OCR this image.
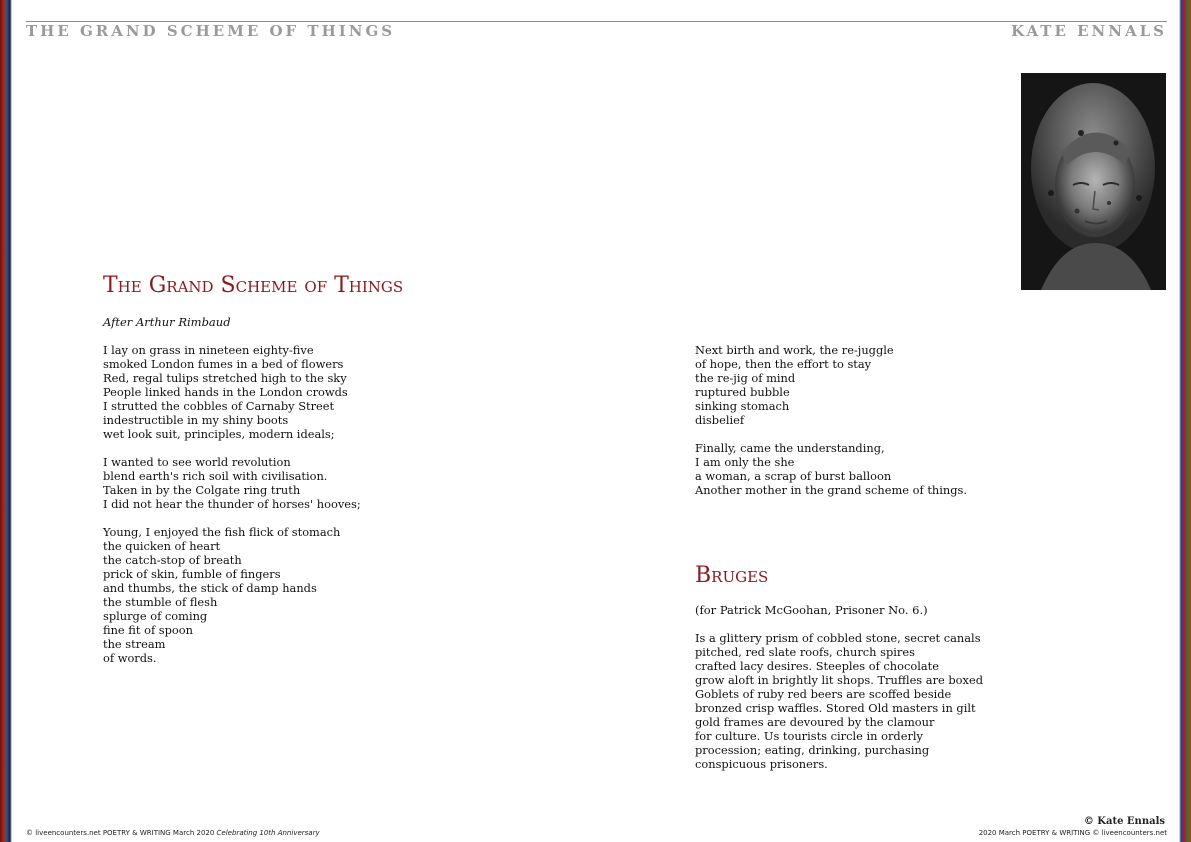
THE GRAND SCHEME OF THINGS	KATE ENNALS
The Grand Scheme of Things

After Arthur Rimbaud

I lay on grass in nineteen eighty-five
smoked London fumes in a bed of flowers
Red, regal tulips stretched high to the sky
People linked hands in the London crowds
I strutted the cobbles of Carnaby Street
indestructible in my shiny boots
wet look suit, principles, modern ideals;
I wanted to see world revolution
blend earth's rich soil with civilisation.
Taken in by the Colgate ring truth
I did not hear the thunder of horses' hooves;
Young, I enjoyed the fish flick of stomach
the quicken of heart
the catch-stop of breath
prick of skin, fumble of fingers
and thumbs, the stick of damp hands
the stumble of flesh
splurge of coming
fine fit of spoon
the stream
of words.
Next birth and work, the re-juggle
of hope, then the effort to stay
the re-jig of mind
ruptured bubble
sinking stomach
disbelief
Finally, came the understanding,
I am only the she
a woman, a scrap of burst balloon
Another mother in the grand scheme of things.
Bruges

(for Patrick McGoohan, Prisoner No. 6.)

Is a glittery prism of cobbled stone, secret canals
pitched, red slate roofs, church spires
crafted lacy desires. Steeples of chocolate
grow aloft in brightly lit shops. Truffles are boxed
Goblets of ruby red beers are scoffed beside
bronzed crisp waffles. Stored Old masters in gilt
gold frames are devoured by the clamour
for culture. Us tourists circle in orderly
procession; eating, drinking, purchasing
conspicuous prisoners.
© Kate Ennals
© liveencounters.net POETRY & WRITING March 2020 Celebrating 10th Anniversary	2020 March POETRY & WRITING © liveencounters.net
